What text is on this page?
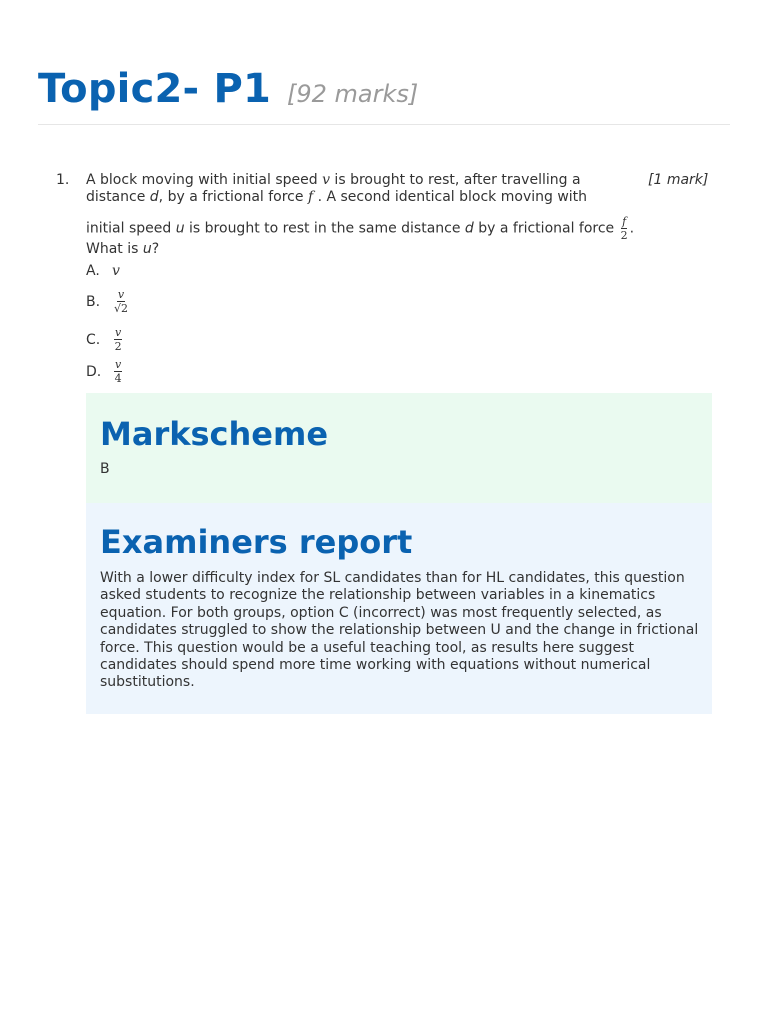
Topic2- P1 [92 marks]
1.	[1 mark]
A block moving with initial speed v is brought to rest, after travelling a
distance d, by a frictional force f . A second identical block moving with
initial speed u is brought to rest in the same distance d by a frictional force $\frac{f}{2}$ .
What is u?
A. v
B.	$\frac{v}{√2}$
C.	$\frac{v}{2}$
D.	$\frac{v}{4}$
Markscheme
B
Examiners report
With a lower difficulty index for SL candidates than for HL candidates, this question asked students to recognize the relationship between variables in a kinematics equation. For both groups, option C (incorrect) was most frequently selected, as candidates struggled to show the relationship between U and the change in frictional force. This question would be a useful teaching tool, as results here suggest candidates should spend more time working with equations without numerical substitutions.
